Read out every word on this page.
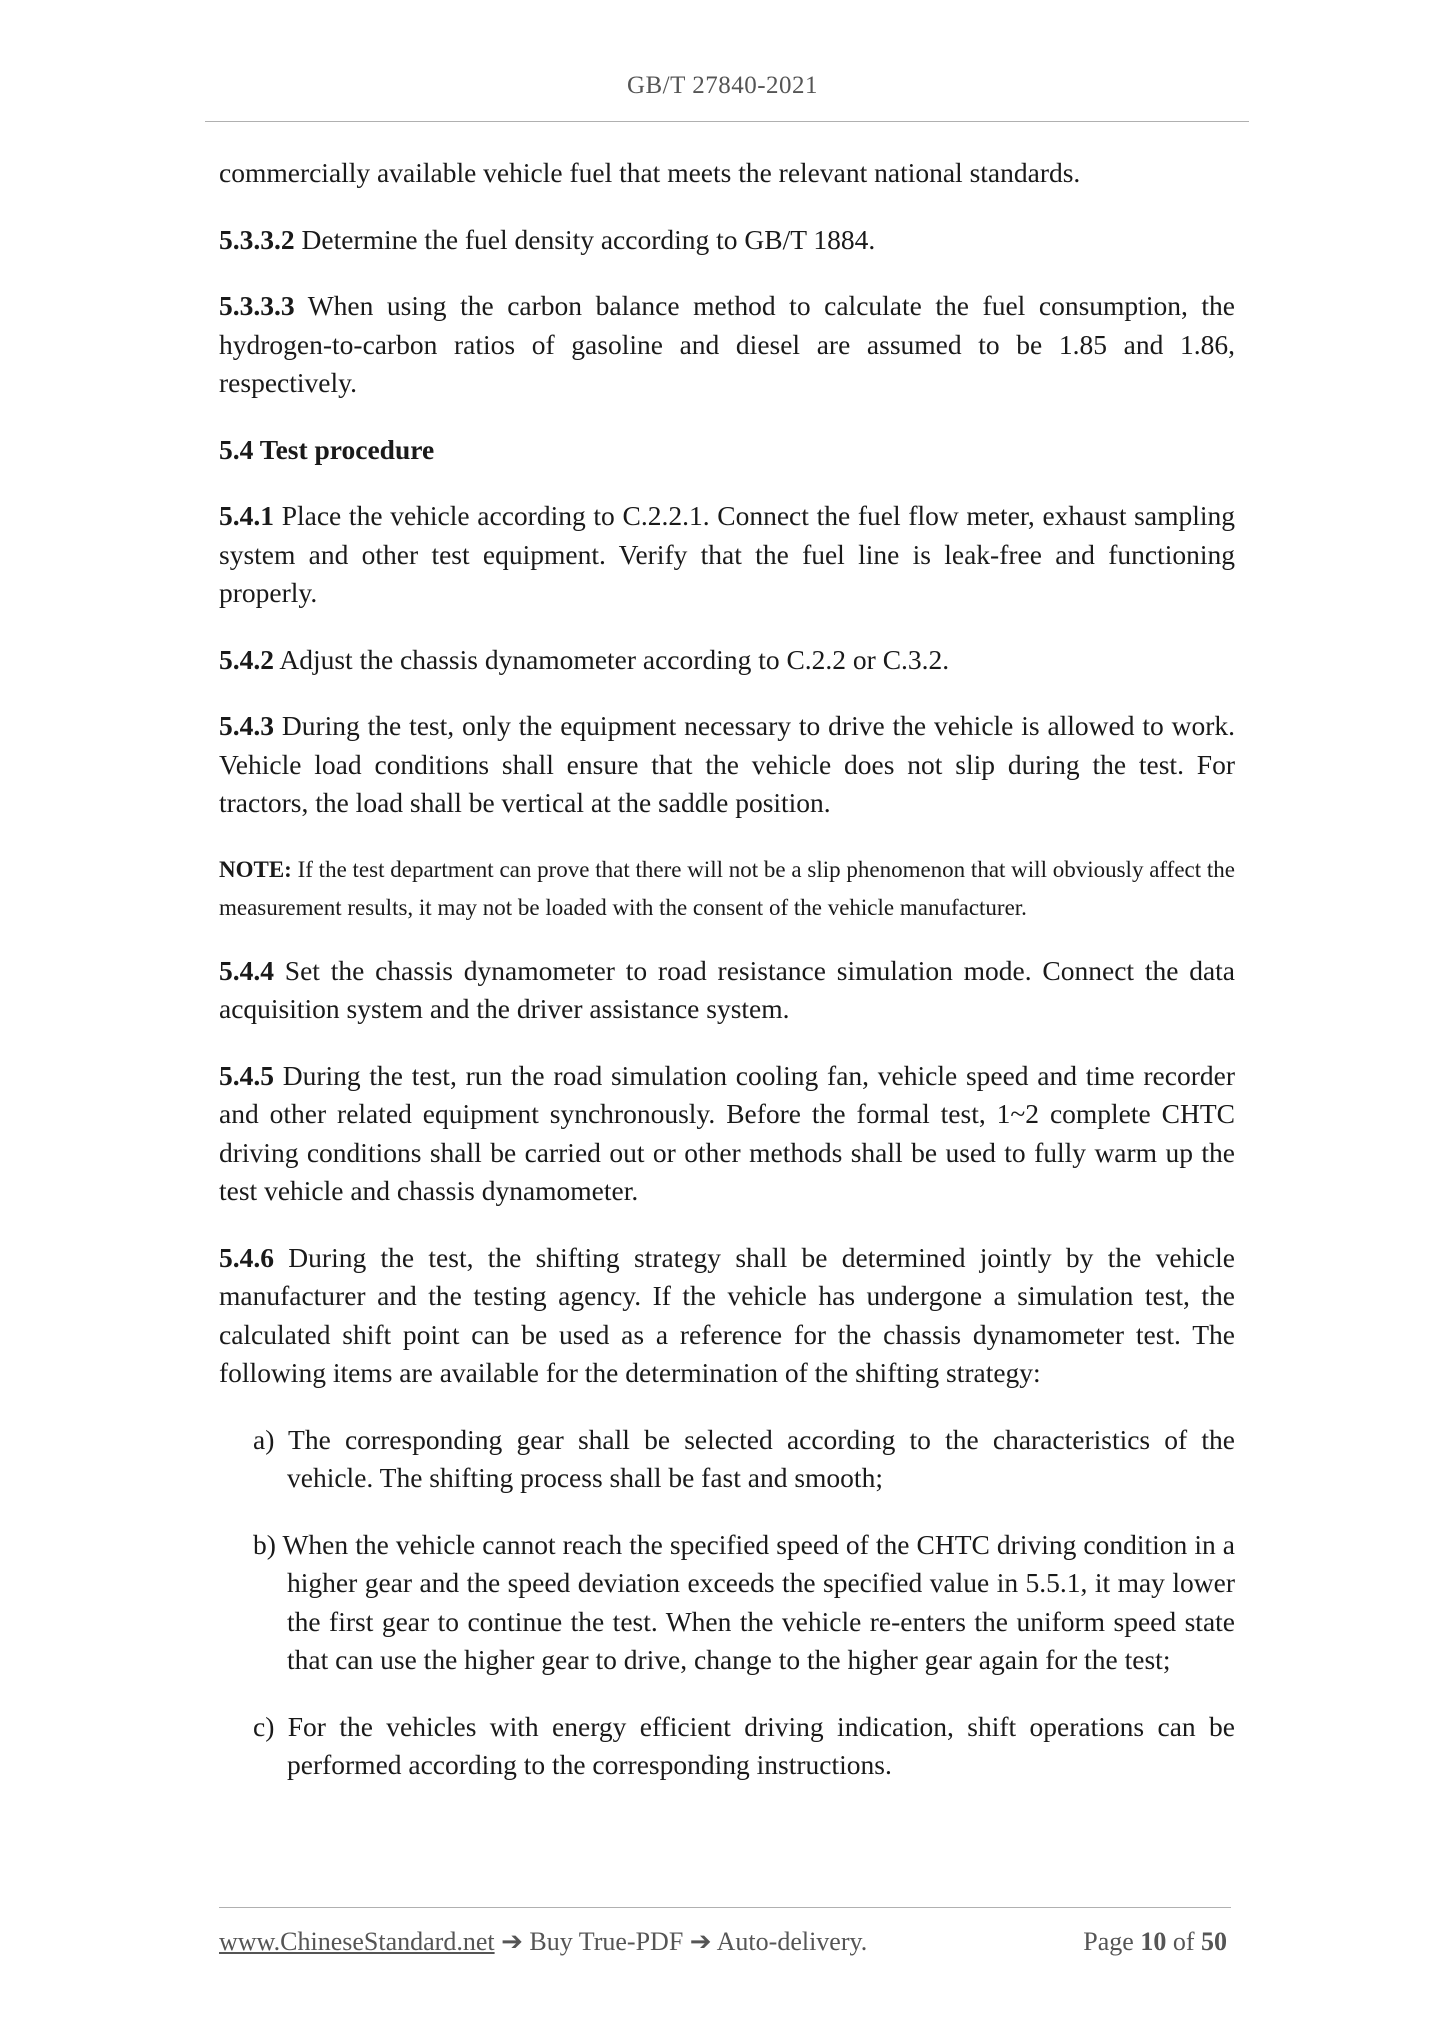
GB/T 27840-2021

commercially available vehicle fuel that meets the relevant national standards.

5.3.3.2 Determine the fuel density according to GB/T 1884.

5.3.3.3 When using the carbon balance method to calculate the fuel consumption, the hydrogen-to-carbon ratios of gasoline and diesel are assumed to be 1.85 and 1.86, respectively.

5.4 Test procedure

5.4.1 Place the vehicle according to C.2.2.1. Connect the fuel flow meter, exhaust sampling system and other test equipment. Verify that the fuel line is leak-free and functioning properly.

5.4.2 Adjust the chassis dynamometer according to C.2.2 or C.3.2.

5.4.3 During the test, only the equipment necessary to drive the vehicle is allowed to work. Vehicle load conditions shall ensure that the vehicle does not slip during the test. For tractors, the load shall be vertical at the saddle position.

NOTE: If the test department can prove that there will not be a slip phenomenon that will obviously affect the measurement results, it may not be loaded with the consent of the vehicle manufacturer.

5.4.4 Set the chassis dynamometer to road resistance simulation mode. Connect the data acquisition system and the driver assistance system.

5.4.5 During the test, run the road simulation cooling fan, vehicle speed and time recorder and other related equipment synchronously. Before the formal test, 1~2 complete CHTC driving conditions shall be carried out or other methods shall be used to fully warm up the test vehicle and chassis dynamometer.

5.4.6 During the test, the shifting strategy shall be determined jointly by the vehicle manufacturer and the testing agency. If the vehicle has undergone a simulation test, the calculated shift point can be used as a reference for the chassis dynamometer test. The following items are available for the determination of the shifting strategy:

a) The corresponding gear shall be selected according to the characteristics of the vehicle. The shifting process shall be fast and smooth;

b) When the vehicle cannot reach the specified speed of the CHTC driving condition in a higher gear and the speed deviation exceeds the specified value in 5.5.1, it may lower the first gear to continue the test. When the vehicle re-enters the uniform speed state that can use the higher gear to drive, change to the higher gear again for the test;

c) For the vehicles with energy efficient driving indication, shift operations can be performed according to the corresponding instructions.

www.ChineseStandard.net ➔ Buy True-PDF ➔ Auto-delivery.	Page 10 of 50
